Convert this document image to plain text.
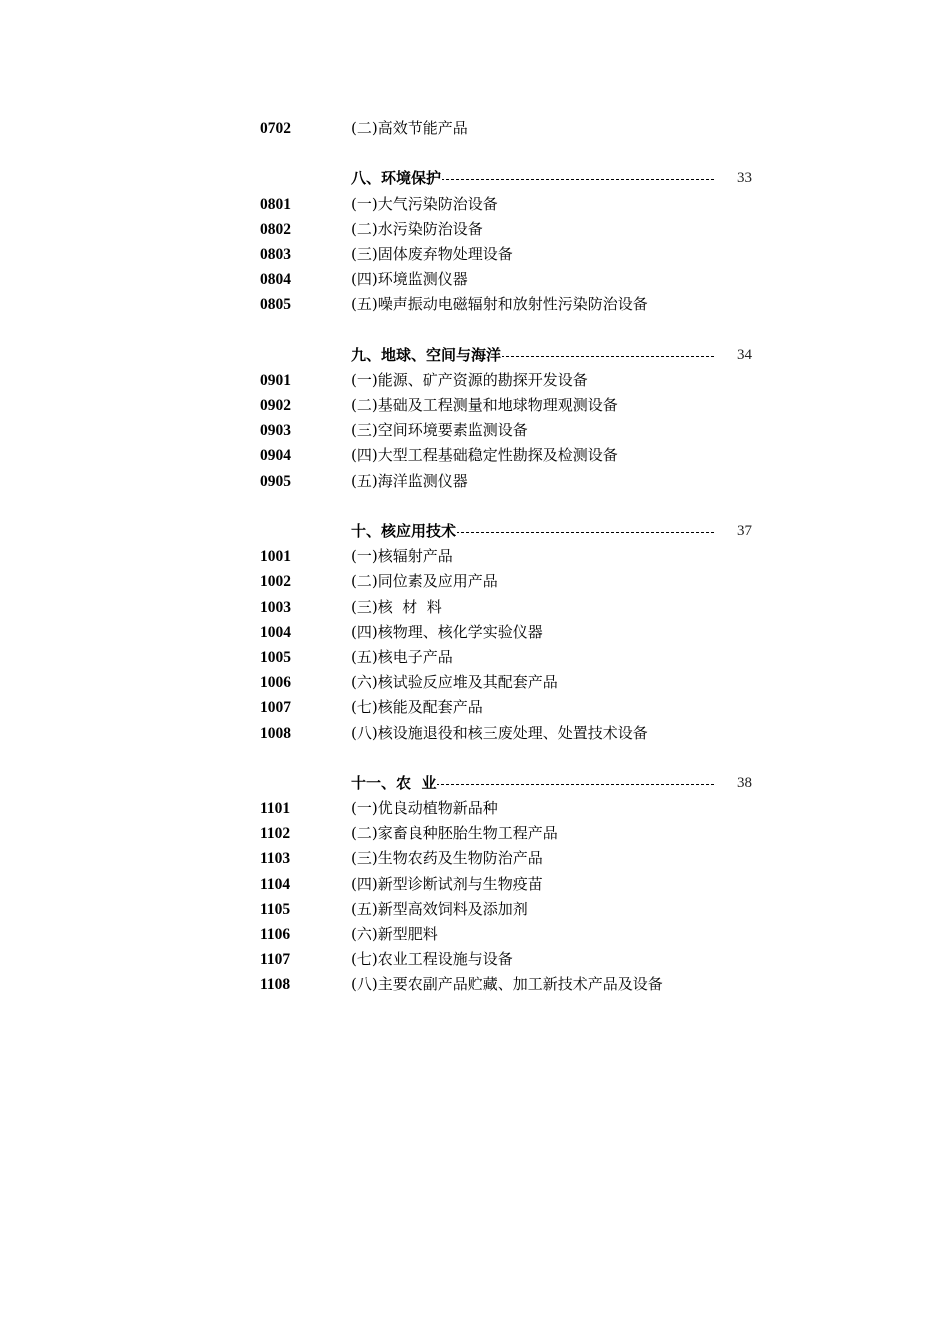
0702	(二)高效节能产品
八、环境保护	33
0801	(一)大气污染防治设备
0802	(二)水污染防治设备
0803	(三)固体废弃物处理设备
0804	(四)环境监测仪器
0805	(五)噪声振动电磁辐射和放射性污染防治设备
九、地球、空间与海洋	34
0901	(一)能源、矿产资源的勘探开发设备
0902	(二)基础及工程测量和地球物理观测设备
0903	(三)空间环境要素监测设备
0904	(四)大型工程基础稳定性勘探及检测设备
0905	(五)海洋监测仪器
十、核应用技术	37
1001	(一)核辐射产品
1002	(二)同位素及应用产品
1003	(三)核  材  料
1004	(四)核物理、核化学实验仪器
1005	(五)核电子产品
1006	(六)核试验反应堆及其配套产品
1007	(七)核能及配套产品
1008	(八)核设施退役和核三废处理、处置技术设备
十一、农  业	38
1101	(一)优良动植物新品种
1102	(二)家畜良种胚胎生物工程产品
1103	(三)生物农药及生物防治产品
1104	(四)新型诊断试剂与生物疫苗
1105	(五)新型高效饲料及添加剂
1106	(六)新型肥料
1107	(七)农业工程设施与设备
1108	(八)主要农副产品贮藏、加工新技术产品及设备
